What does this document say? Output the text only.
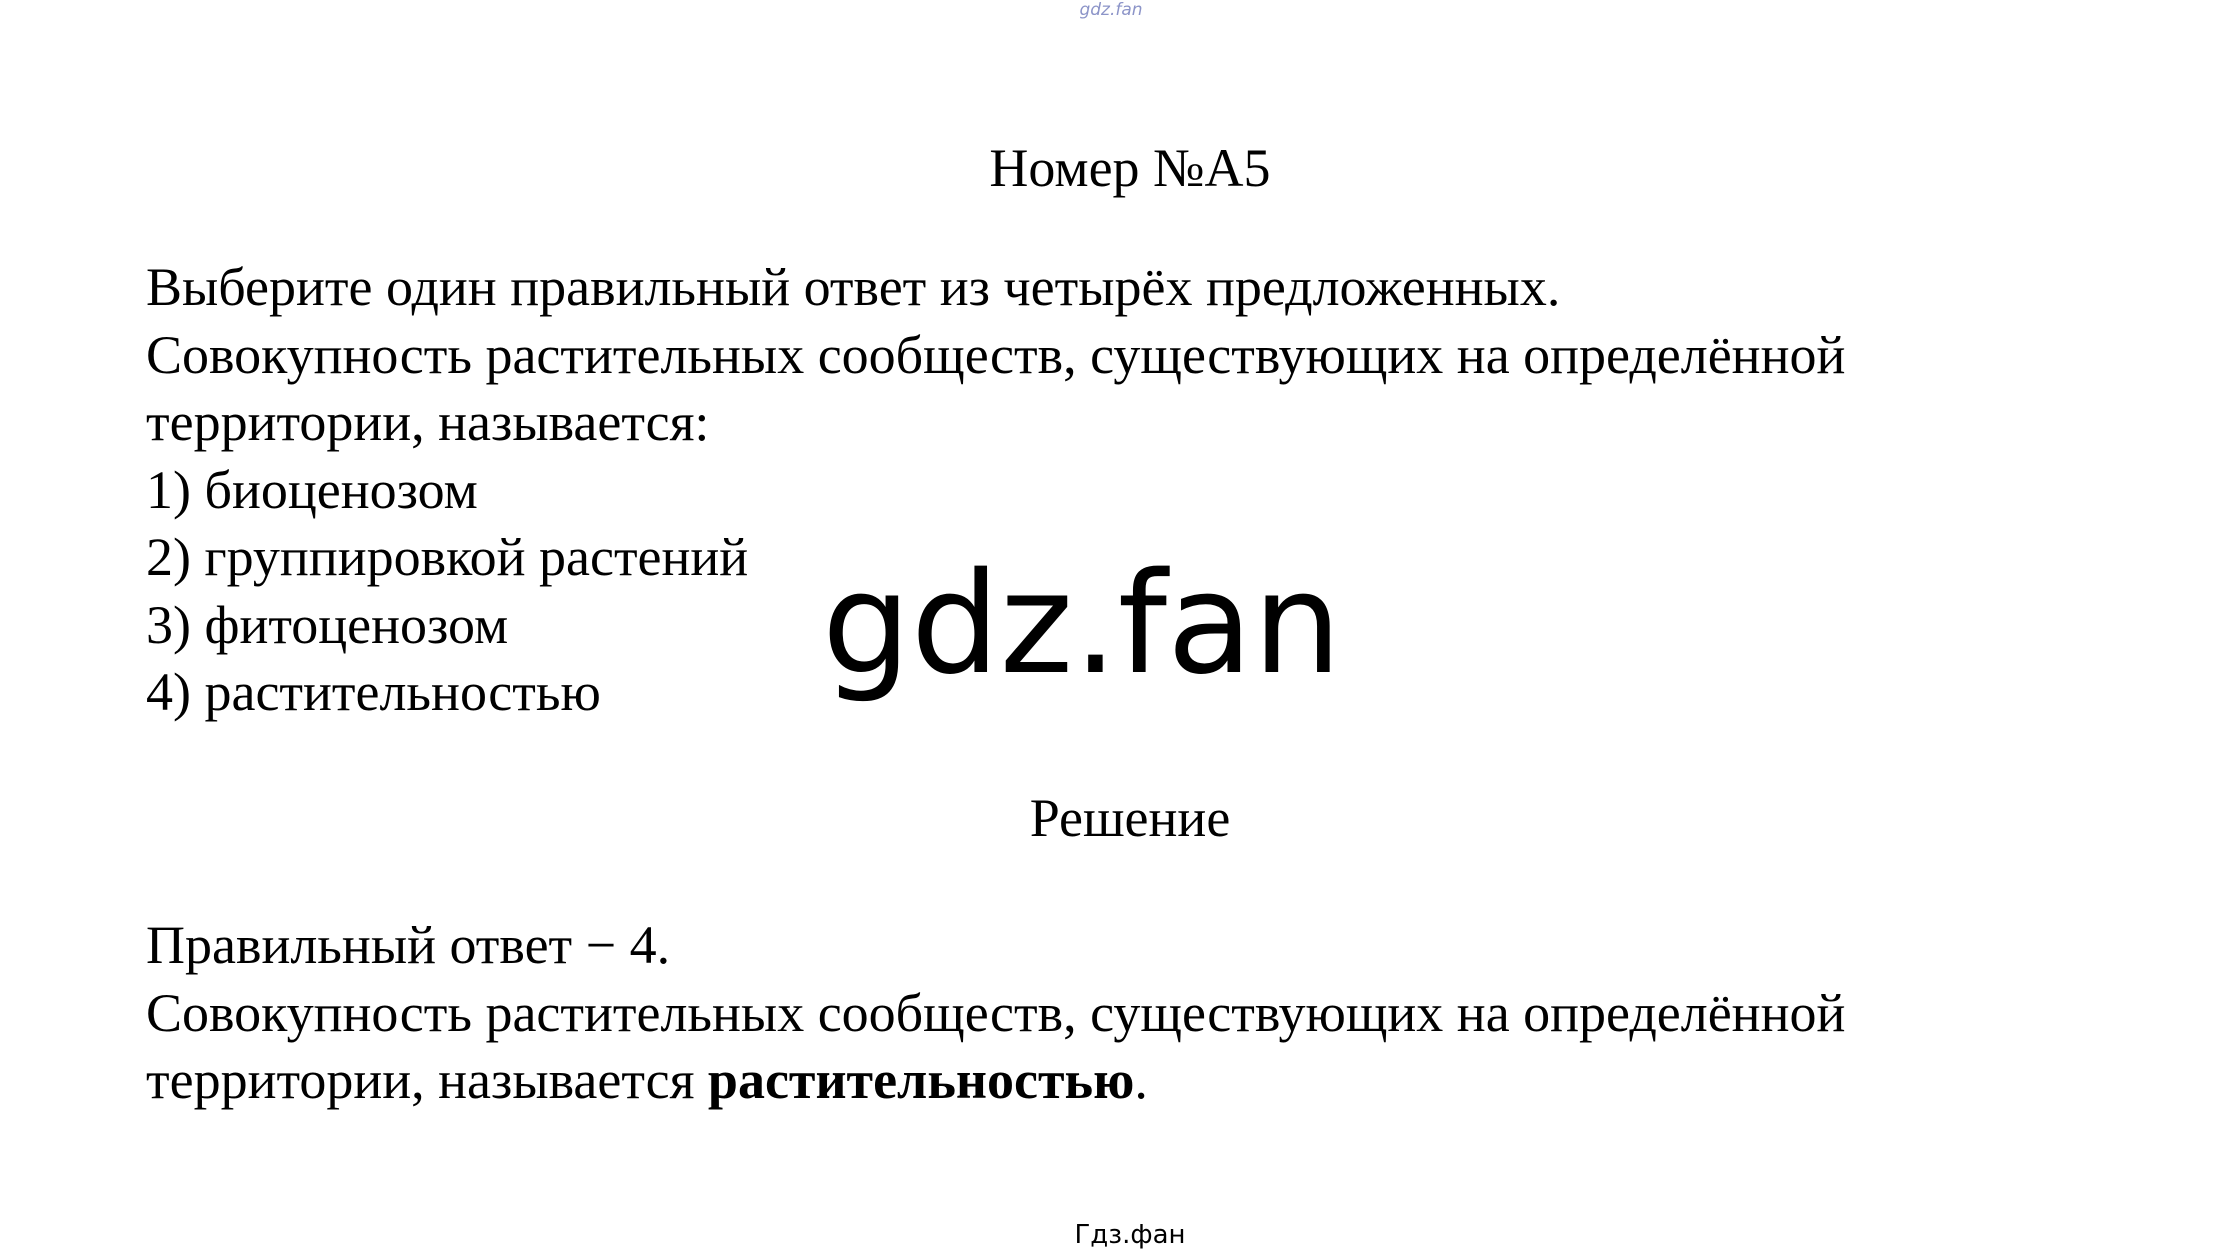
gdz.fan
Номер №А5

Выберите один правильный ответ из четырёх предложенных.

Совокупность растительных сообществ, существующих на определённой

территории, называется:

1) биоценозом

2) группировкой растений

3) фитоценозом

4) растительностью	gdz.fan
Решение

Правильный ответ − 4.

Совокупность растительных сообществ, существующих на определённой

территории, называется растительностью.

Гдз.фан
